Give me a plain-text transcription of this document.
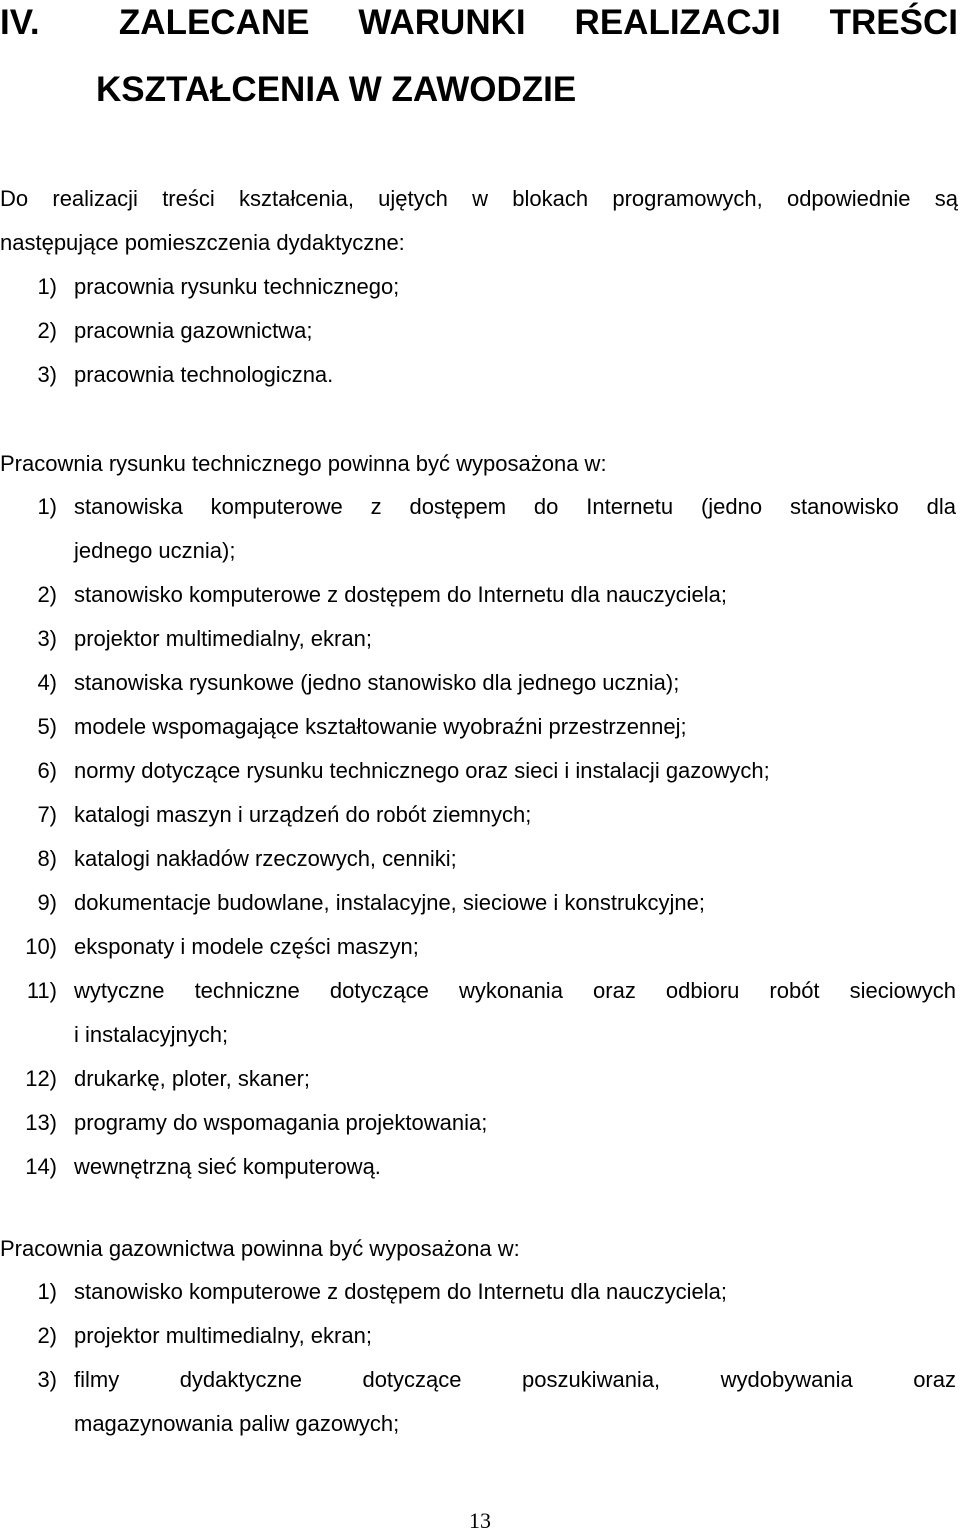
IV.	ZALECANE WARUNKI REALIZACJI TREŚCI
KSZTAŁCENIA W ZAWODZIE

Do realizacji treści kształcenia, ujętych w blokach programowych, odpowiednie są

następujące pomieszczenia dydaktyczne:

1) pracownia rysunku technicznego;
2) pracownia gazownictwa;
3) pracownia technologiczna.

Pracownia rysunku technicznego powinna być wyposażona w:

1) stanowiska komputerowe z dostępem do Internetu (jedno stanowisko dla
jednego ucznia);
2) stanowisko komputerowe z dostępem do Internetu dla nauczyciela;
3) projektor multimedialny, ekran;
4) stanowiska rysunkowe (jedno stanowisko dla jednego ucznia);
5) modele wspomagające kształtowanie wyobraźni przestrzennej;
6) normy dotyczące rysunku technicznego oraz sieci i instalacji gazowych;
7) katalogi maszyn i urządzeń do robót ziemnych;
8) katalogi nakładów rzeczowych, cenniki;
9) dokumentacje budowlane, instalacyjne, sieciowe i konstrukcyjne;
10) eksponaty i modele części maszyn;
11) wytyczne techniczne dotyczące wykonania oraz odbioru robót sieciowych
i instalacyjnych;
12) drukarkę, ploter, skaner;
13) programy do wspomagania projektowania;
14) wewnętrzną sieć komputerową.

Pracownia gazownictwa powinna być wyposażona w:

1) stanowisko komputerowe z dostępem do Internetu dla nauczyciela;
2) projektor multimedialny, ekran;
3) filmy dydaktyczne dotyczące poszukiwania, wydobywania oraz
magazynowania paliw gazowych;
13
